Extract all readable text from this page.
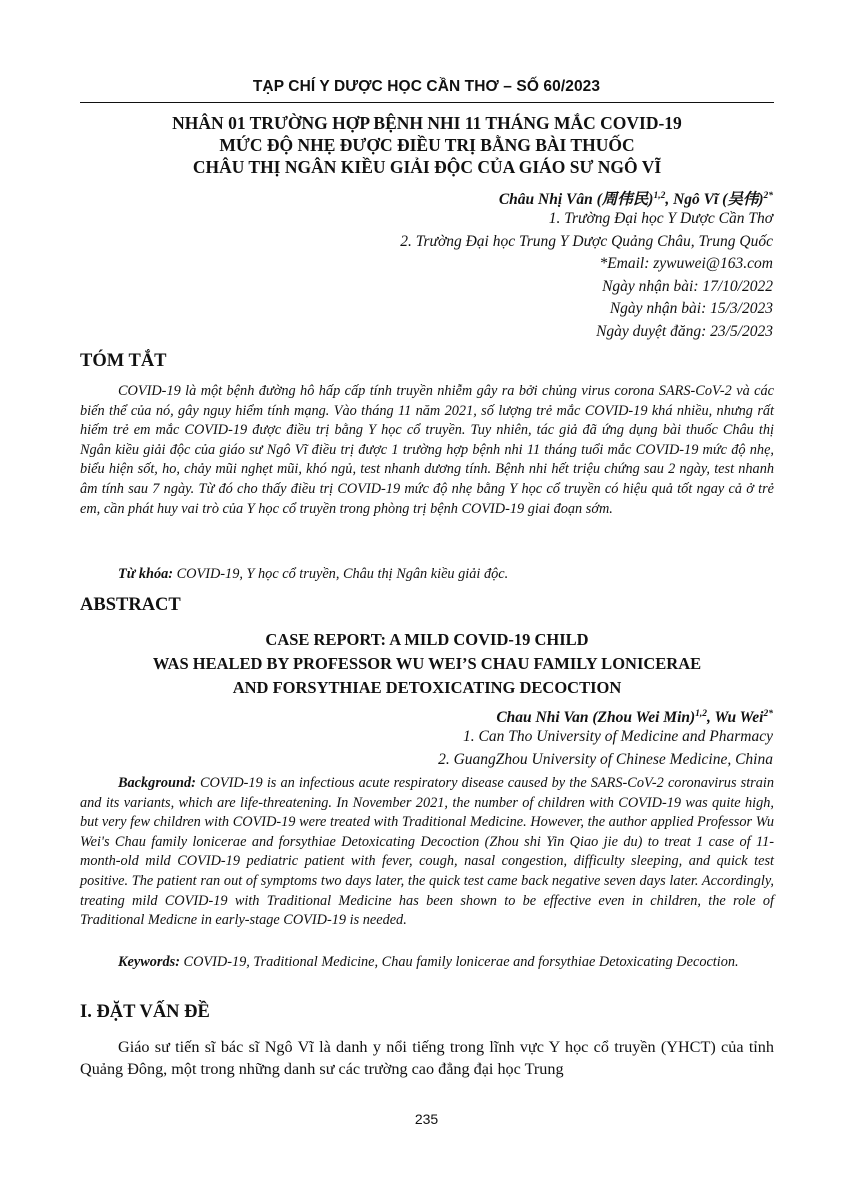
TẠP CHÍ Y DƯỢC HỌC CẦN THƠ – SỐ 60/2023
NHÂN 01 TRƯỜNG HỢP BỆNH NHI 11 THÁNG MẮC COVID-19
MỨC ĐỘ NHẸ ĐƯỢC ĐIỀU TRỊ BẰNG BÀI THUỐC
CHÂU THỊ NGÂN KIỀU GIẢI ĐỘC CỦA GIÁO SƯ NGÔ VĨ
Châu Nhị Vân (周伟民)$^{1,2}$, Ngô Vĩ (吴伟)$^{2*}$
1. Trường Đại học Y Dược Cần Thơ
2. Trường Đại học Trung Y Dược Quảng Châu, Trung Quốc
*Email: zywuwei@163.com
Ngày nhận bài: 17/10/2022
Ngày nhận bài: 15/3/2023
Ngày duyệt đăng: 23/5/2023
TÓM TẮT

COVID-19 là một bệnh đường hô hấp cấp tính truyền nhiễm gây ra bởi chủng virus corona SARS-CoV-2 và các biến thể của nó, gây nguy hiểm tính mạng. Vào tháng 11 năm 2021, số lượng trẻ mắc COVID-19 khá nhiều, nhưng rất hiếm trẻ em mắc COVID-19 được điều trị bằng Y học cổ truyền. Tuy nhiên, tác giả đã ứng dụng bài thuốc Châu thị Ngân kiều giải độc của giáo sư Ngô Vĩ điều trị được 1 trường hợp bệnh nhi 11 tháng tuổi mắc COVID-19 mức độ nhẹ, biểu hiện sốt, ho, chảy mũi nghẹt mũi, khó ngủ, test nhanh dương tính. Bệnh nhi hết triệu chứng sau 2 ngày, test nhanh âm tính sau 7 ngày. Từ đó cho thấy điều trị COVID-19 mức độ nhẹ bằng Y học cổ truyền có hiệu quả tốt ngay cả ở trẻ em, cần phát huy vai trò của Y học cổ truyền trong phòng trị bệnh COVID-19 giai đoạn sớm.

Từ khóa: COVID-19, Y học cổ truyền, Châu thị Ngân kiều giải độc.

ABSTRACT
CASE REPORT: A MILD COVID-19 CHILD
WAS HEALED BY PROFESSOR WU WEI’S CHAU FAMILY LONICERAE
AND FORSYTHIAE DETOXICATING DECOCTION
Chau Nhi Van (Zhou Wei Min)$^{1,2}$, Wu Wei$^{2*}$
1. Can Tho University of Medicine and Pharmacy
2. GuangZhou University of Chinese Medicine, China

Background: COVID-19 is an infectious acute respiratory disease caused by the SARS-CoV-2 coronavirus strain and its variants, which are life-threatening. In November 2021, the number of children with COVID-19 was quite high, but very few children with COVID-19 were treated with Traditional Medicine. However, the author applied Professor Wu Wei's Chau family lonicerae and forsythiae Detoxicating Decoction (Zhou shi Yin Qiao jie du) to treat 1 case of 11-month-old mild COVID-19 pediatric patient with fever, cough, nasal congestion, difficulty sleeping, and quick test positive. The patient ran out of symptoms two days later, the quick test came back negative seven days later. Accordingly, treating mild COVID-19 with Traditional Medicine has been shown to be effective even in children, the role of Traditional Medicne in early-stage COVID-19 is needed.

Keywords: COVID-19, Traditional Medicine, Chau family lonicerae and forsythiae Detoxicating Decoction.

I. ĐẶT VẤN ĐỀ

Giáo sư tiến sĩ bác sĩ Ngô Vĩ là danh y nổi tiếng trong lĩnh vực Y học cổ truyền (YHCT) của tỉnh Quảng Đông, một trong những danh sư các trường cao đẳng đại học Trung

235
